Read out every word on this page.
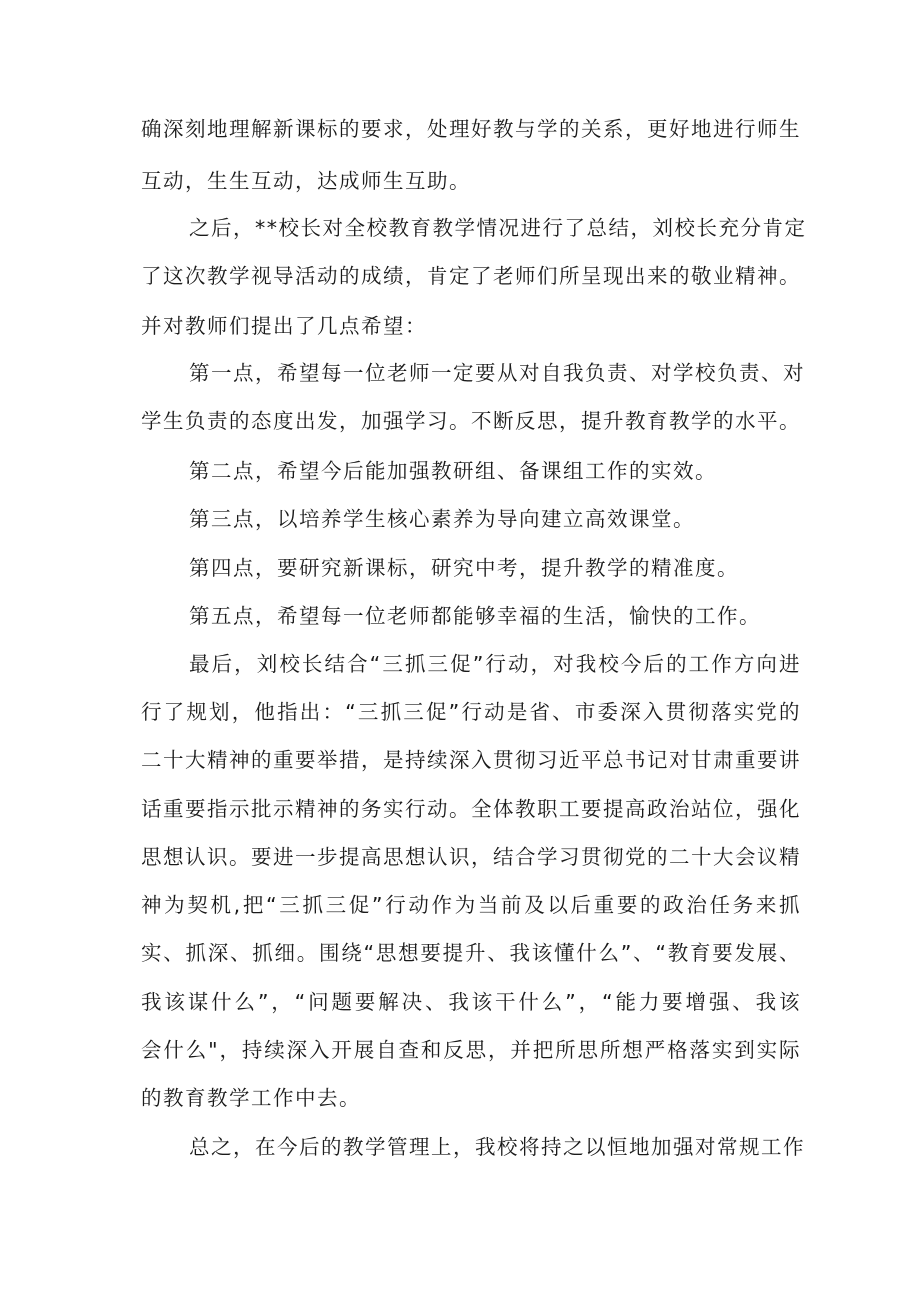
确深刻地理解新课标的要求，处理好教与学的关系，更好地进行师生
互动，生生互动，达成师生互助。
之后，**校长对全校教育教学情况进行了总结，刘校长充分肯定
了这次教学视导活动的成绩，肯定了老师们所呈现出来的敬业精神。
并对教师们提出了几点希望：
第一点，希望每一位老师一定要从对自我负责、对学校负责、对
学生负责的态度出发，加强学习。不断反思，提升教育教学的水平。
第二点，希望今后能加强教研组、备课组工作的实效。
第三点，以培养学生核心素养为导向建立高效课堂。
第四点，要研究新课标，研究中考，提升教学的精准度。
第五点，希望每一位老师都能够幸福的生活，愉快的工作。
最后，刘校长结合“三抓三促”行动，对我校今后的工作方向进
行了规划，他指出：“三抓三促”行动是省、市委深入贯彻落实党的
二十大精神的重要举措，是持续深入贯彻习近平总书记对甘肃重要讲
话重要指示批示精神的务实行动。全体教职工要提高政治站位，强化
思想认识。要进一步提高思想认识，结合学习贯彻党的二十大会议精
神为契机,把“三抓三促”行动作为当前及以后重要的政治任务来抓
实、抓深、抓细。围绕“思想要提升、我该懂什么”、“教育要发展、
我该谋什么”，“问题要解决、我该干什么”，“能力要增强、我该
会什么"，持续深入开展自查和反思，并把所思所想严格落实到实际
的教育教学工作中去。
总之，在今后的教学管理上，我校将持之以恒地加强对常规工作
